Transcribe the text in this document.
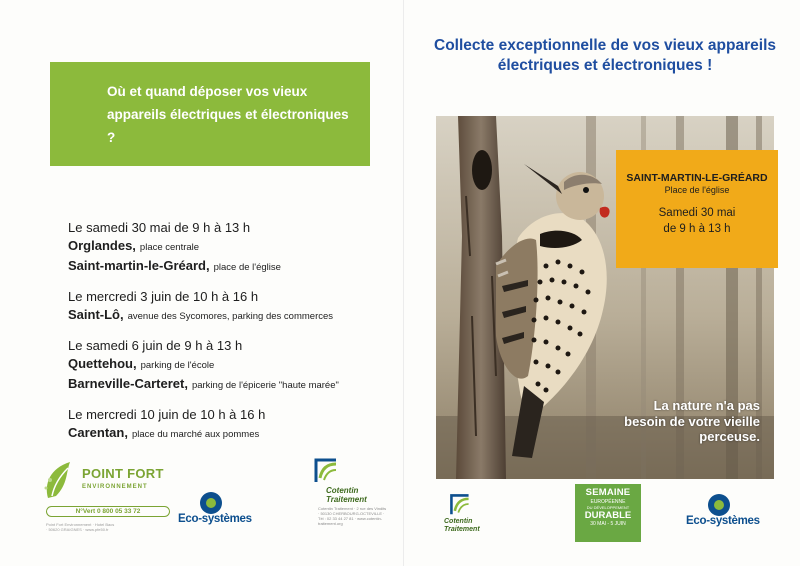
Où et quand déposer vos vieux appareils électriques et électroniques ?
Le samedi 30 mai de 9 h à 13 h
Orglandes, place centrale
Saint-martin-le-Gréard, place de l'église
Le mercredi 3 juin de 10 h à 16 h
Saint-Lô, avenue des Sycomores, parking des commerces
Le samedi 6 juin de 9 h à 13 h
Quettehou, parking de l'école
Barneville-Carteret, parking de l'épicerie "haute marée"
Le mercredi 10 juin de 10 h à 16 h
Carentan, place du marché aux pommes
POINT FORT
ENVIRONNEMENT
N°Vert 0 800 05 33 72
Point Fort Environnement · Hotel Bacs · 50620 GRAIGNES · www.pfe50.fr
Eco-systèmes
Cotentin Traitement
Cotentin Traitement · 2 rue des Vindits · 50130 CHERBOURG-OCTEVILLE · Tél : 02 33 44 27 81 · www.cotentin-traitement.org
Collecte exceptionnelle de vos vieux appareils électriques et électroniques !
SAINT-MARTIN-LE-GRÉARD
Place de l'église
Samedi 30 mai
de 9 h à 13 h
La nature n'a pas besoin de votre vieille perceuse.
Cotentin Traitement
SEMAINE
EUROPÉENNE
DU DÉVELOPPEMENT
DURABLE
30 MAI - 5 JUIN	Eco-systèmes
